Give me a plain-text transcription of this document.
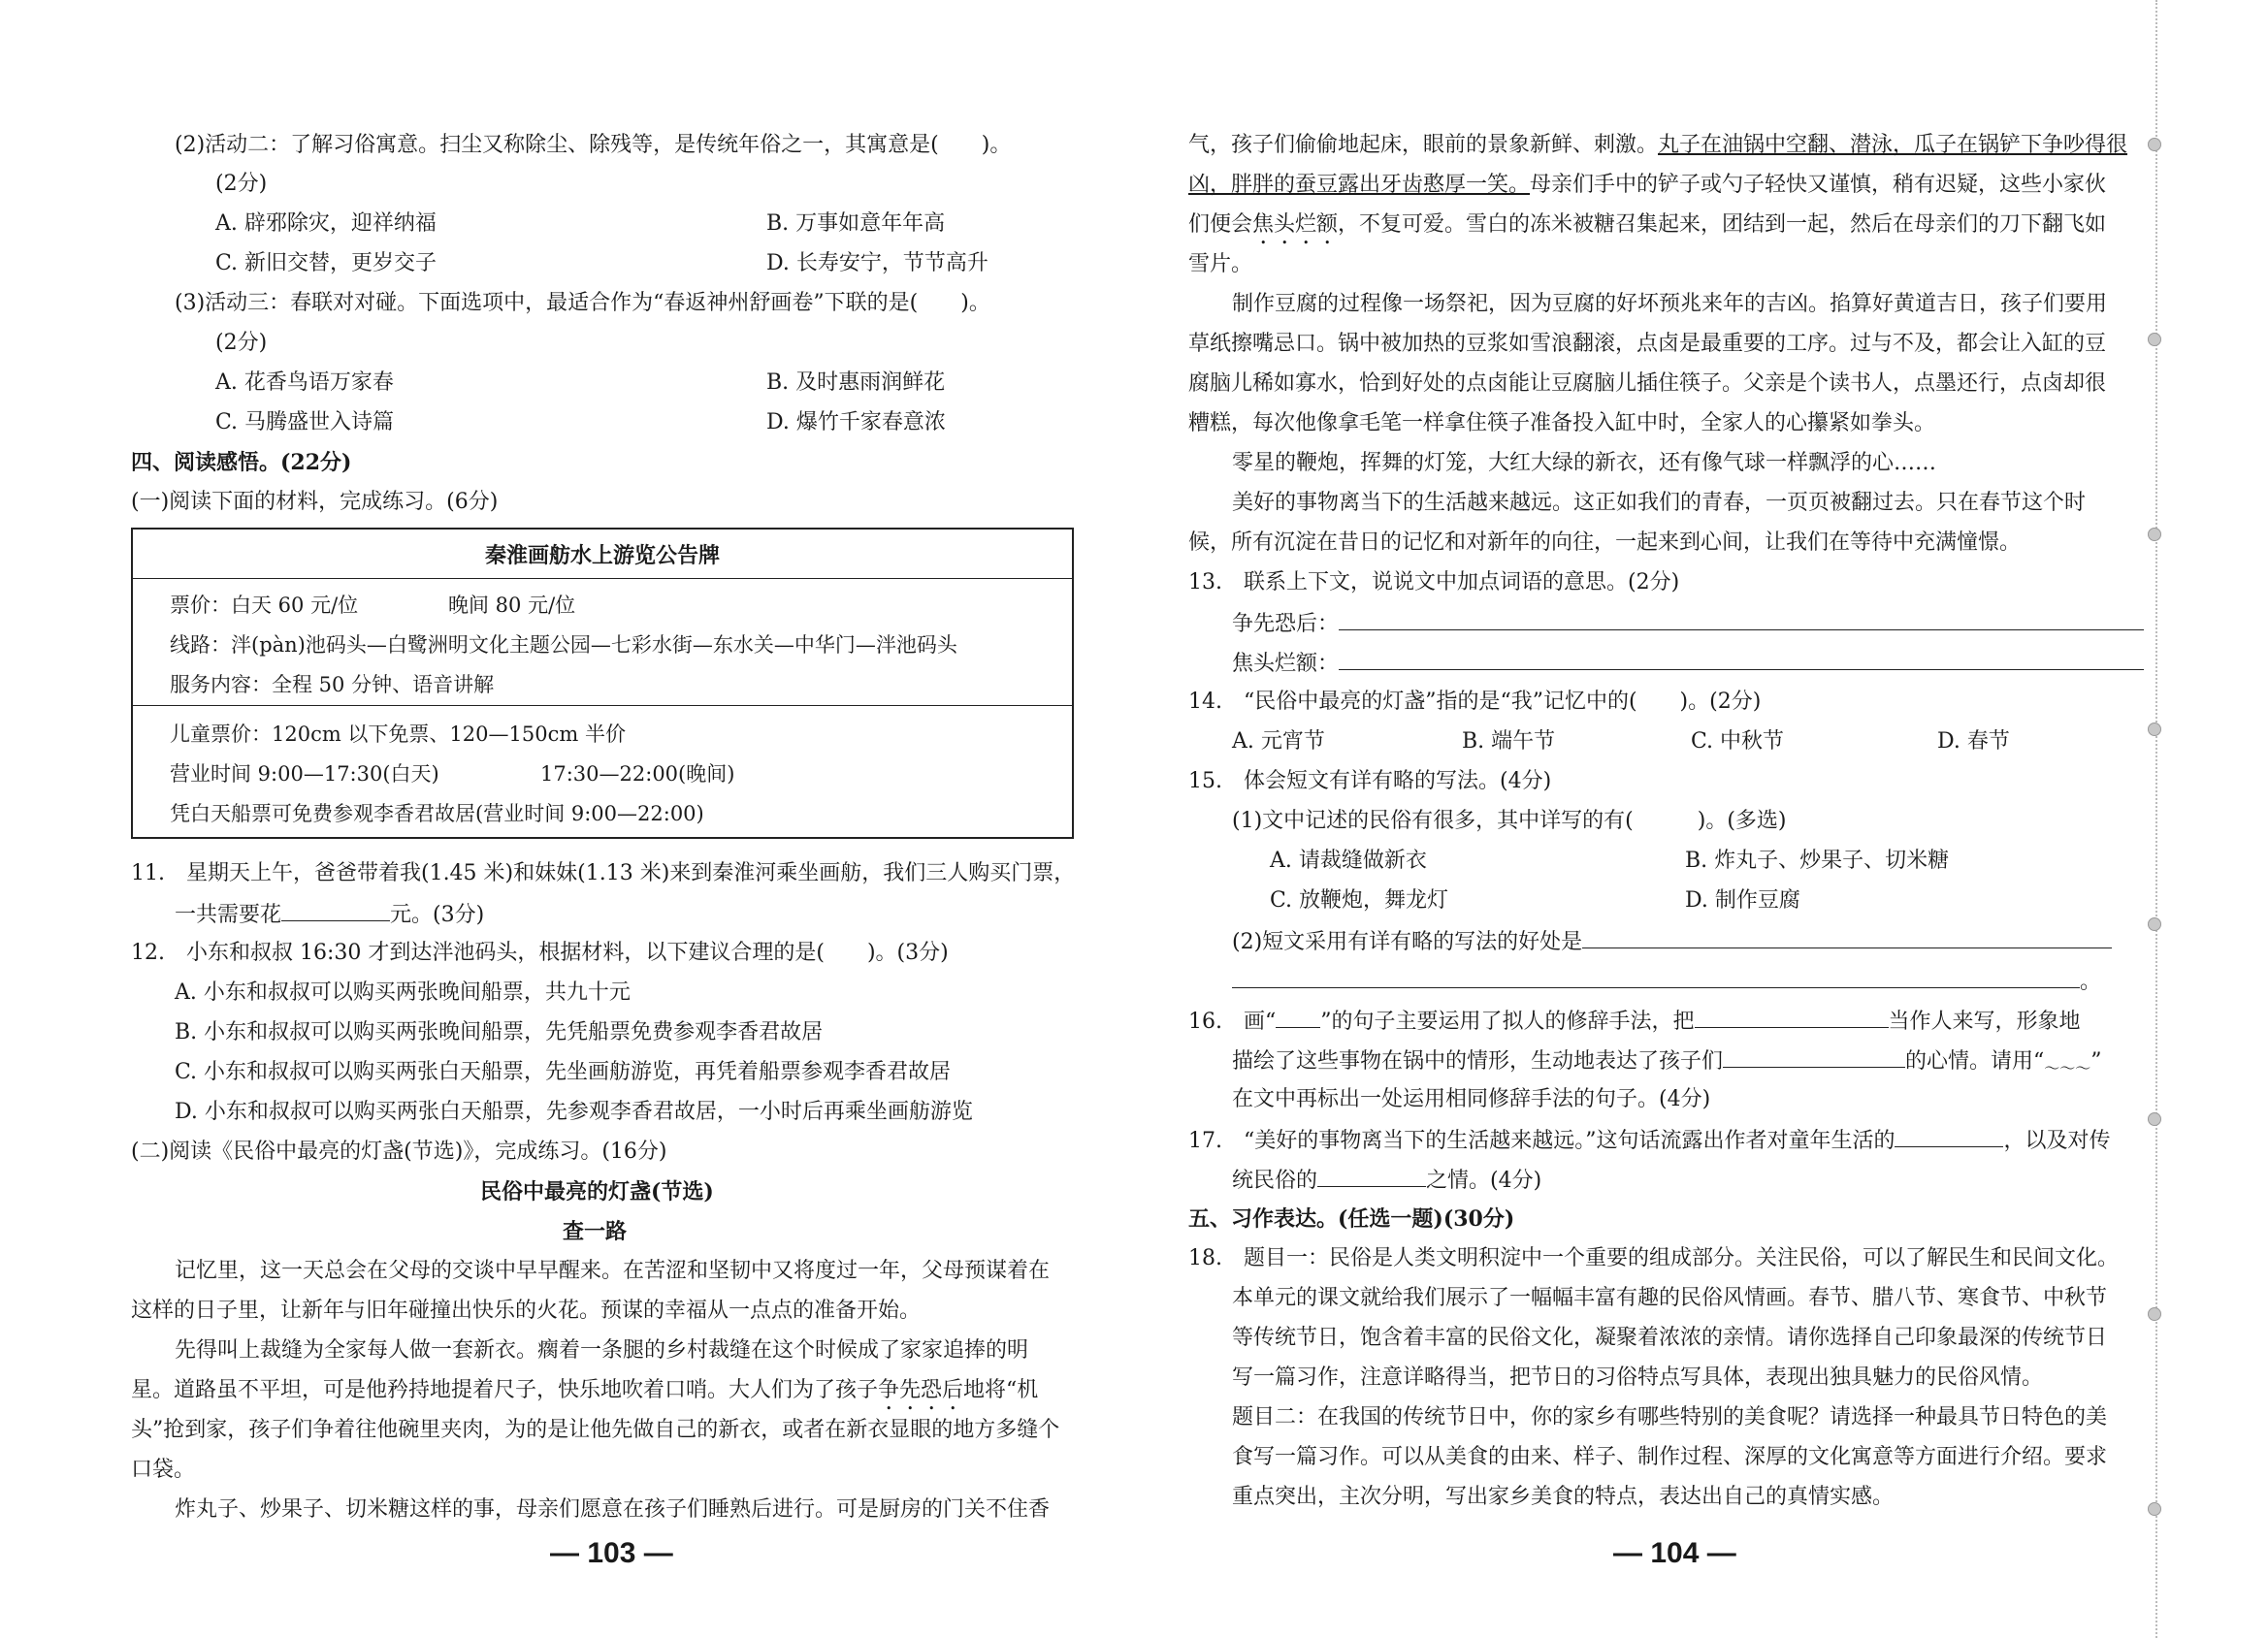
(2)活动二：了解习俗寓意。扫尘又称除尘、除残等，是传统年俗之一，其寓意是(　　)。
(2分)
A. 辟邪除灾，迎祥纳福	B. 万事如意年年高
C. 新旧交替，更岁交子	D. 长寿安宁，节节高升
(3)活动三：春联对对碰。下面选项中，最适合作为“春返神州舒画卷”下联的是(　　)。
(2分)
A. 花香鸟语万家春	B. 及时惠雨润鲜花
C. 马腾盛世入诗篇	D. 爆竹千家春意浓
四、阅读感悟。(22分)
(一)阅读下面的材料，完成练习。(6分)
秦淮画舫水上游览公告牌
票价：白天 60 元/位	晚间 80 元/位
线路：泮(pàn)池码头—白鹭洲明文化主题公园—七彩水街—东水关—中华门—泮池码头
服务内容：全程 50 分钟、语音讲解
儿童票价：120cm 以下免票、120—150cm 半价
营业时间 9:00—17:30(白天)	17:30—22:00(晚间)
凭白天船票可免费参观李香君故居(营业时间 9:00—22:00)
11.　星期天上午，爸爸带着我(1.45 米)和妹妹(1.13 米)来到秦淮河乘坐画舫，我们三人购买门票，
一共需要花	元。(3分)
12.　小东和叔叔 16:30 才到达泮池码头，根据材料，以下建议合理的是(　　)。(3分)
A. 小东和叔叔可以购买两张晚间船票，共九十元
B. 小东和叔叔可以购买两张晚间船票，先凭船票免费参观李香君故居
C. 小东和叔叔可以购买两张白天船票，先坐画舫游览，再凭着船票参观李香君故居
D. 小东和叔叔可以购买两张白天船票，先参观李香君故居，一小时后再乘坐画舫游览
(二)阅读《民俗中最亮的灯盏(节选)》，完成练习。(16分)
民俗中最亮的灯盏(节选)
查一路
记忆里，这一天总会在父母的交谈中早早醒来。在苦涩和坚韧中又将度过一年，父母预谋着在
这样的日子里，让新年与旧年碰撞出快乐的火花。预谋的幸福从一点点的准备开始。
先得叫上裁缝为全家每人做一套新衣。瘸着一条腿的乡村裁缝在这个时候成了家家追捧的明
星。道路虽不平坦，可是他矜持地提着尺子，快乐地吹着口哨。大人们为了孩子争先恐后地将“机
头”抢到家，孩子们争着往他碗里夹肉，为的是让他先做自己的新衣，或者在新衣显眼的地方多缝个
口袋。
炸丸子、炒果子、切米糖这样的事，母亲们愿意在孩子们睡熟后进行。可是厨房的门关不住香
— 103 —
气，孩子们偷偷地起床，眼前的景象新鲜、刺激。丸子在油锅中空翻、潜泳，瓜子在锅铲下争吵得很
凶，胖胖的蚕豆露出牙齿憨厚一笑。母亲们手中的铲子或勺子轻快又谨慎，稍有迟疑，这些小家伙
们便会焦头烂额，不复可爱。雪白的冻米被糖召集起来，团结到一起，然后在母亲们的刀下翻飞如
雪片。
制作豆腐的过程像一场祭祀，因为豆腐的好坏预兆来年的吉凶。掐算好黄道吉日，孩子们要用
草纸擦嘴忌口。锅中被加热的豆浆如雪浪翻滚，点卤是最重要的工序。过与不及，都会让入缸的豆
腐脑儿稀如寡水，恰到好处的点卤能让豆腐脑儿插住筷子。父亲是个读书人，点墨还行，点卤却很
糟糕，每次他像拿毛笔一样拿住筷子准备投入缸中时，全家人的心攥紧如拳头。
零星的鞭炮，挥舞的灯笼，大红大绿的新衣，还有像气球一样飘浮的心……
美好的事物离当下的生活越来越远。这正如我们的青春，一页页被翻过去。只在春节这个时
候，所有沉淀在昔日的记忆和对新年的向往，一起来到心间，让我们在等待中充满憧憬。
13.　联系上下文，说说文中加点词语的意思。(2分)
争先恐后：
焦头烂额：
14.　“民俗中最亮的灯盏”指的是“我”记忆中的(　　)。(2分)
A. 元宵节	B. 端午节	C. 中秋节	D. 春节
15.　体会短文有详有略的写法。(4分)
(1)文中记述的民俗有很多，其中详写的有(　　　)。(多选)
A. 请裁缝做新衣	B. 炸丸子、炒果子、切米糖
C. 放鞭炮，舞龙灯	D. 制作豆腐
(2)短文采用有详有略的写法的好处是
。
16.　画“ ”的句子主要运用了拟人的修辞手法，把	当作人来写，形象地
描绘了这些事物在锅中的情形，生动地表达了孩子们	的心情。请用“$_{\sim\sim\sim}$”
在文中再标出一处运用相同修辞手法的句子。(4分)
17.　“美好的事物离当下的生活越来越远。”这句话流露出作者对童年生活的	，以及对传
统民俗的	之情。(4分)
五、习作表达。(任选一题)(30分)
18.　题目一：民俗是人类文明积淀中一个重要的组成部分。关注民俗，可以了解民生和民间文化。
本单元的课文就给我们展示了一幅幅丰富有趣的民俗风情画。春节、腊八节、寒食节、中秋节
等传统节日，饱含着丰富的民俗文化，凝聚着浓浓的亲情。请你选择自己印象最深的传统节日
写一篇习作，注意详略得当，把节日的习俗特点写具体，表现出独具魅力的民俗风情。
题目二：在我国的传统节日中，你的家乡有哪些特别的美食呢？请选择一种最具节日特色的美
食写一篇习作。可以从美食的由来、样子、制作过程、深厚的文化寓意等方面进行介绍。要求
重点突出，主次分明，写出家乡美食的特点，表达出自己的真情实感。
— 104 —
